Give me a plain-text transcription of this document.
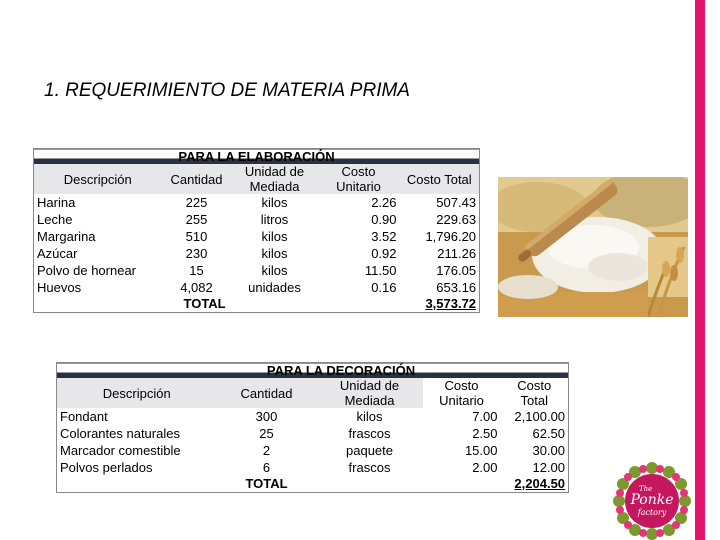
1. REQUERIMIENTO DE MATERIA PRIMA
PARA LA ELABORACIÓN				
Descripción	Cantidad	Unidad de Mediada	Costo Unitario	Costo Total
Harina	225	kilos	2.26	507.43
Leche	255	litros	0.90	229.63
Margarina	510	kilos	3.52	1,796.20
Azúcar	230	kilos	0.92	211.26
Polvo de hornear	15	kilos	11.50	176.05
Huevos	4,082	unidades	0.16	653.16
	TOTAL			3,573.72
PARA LA DECORACIÓN				
Descripción	Cantidad	Unidad de Mediada	Costo Unitario	Costo Total
Fondant	300	kilos	7.00	2,100.00
Colorantes naturales	25	frascos	2.50	62.50
Marcador comestible	2	paquete	15.00	30.00
Polvos perlados	6	frascos	2.00	12.00
	TOTAL			2,204.50	The
Ponke
factory
